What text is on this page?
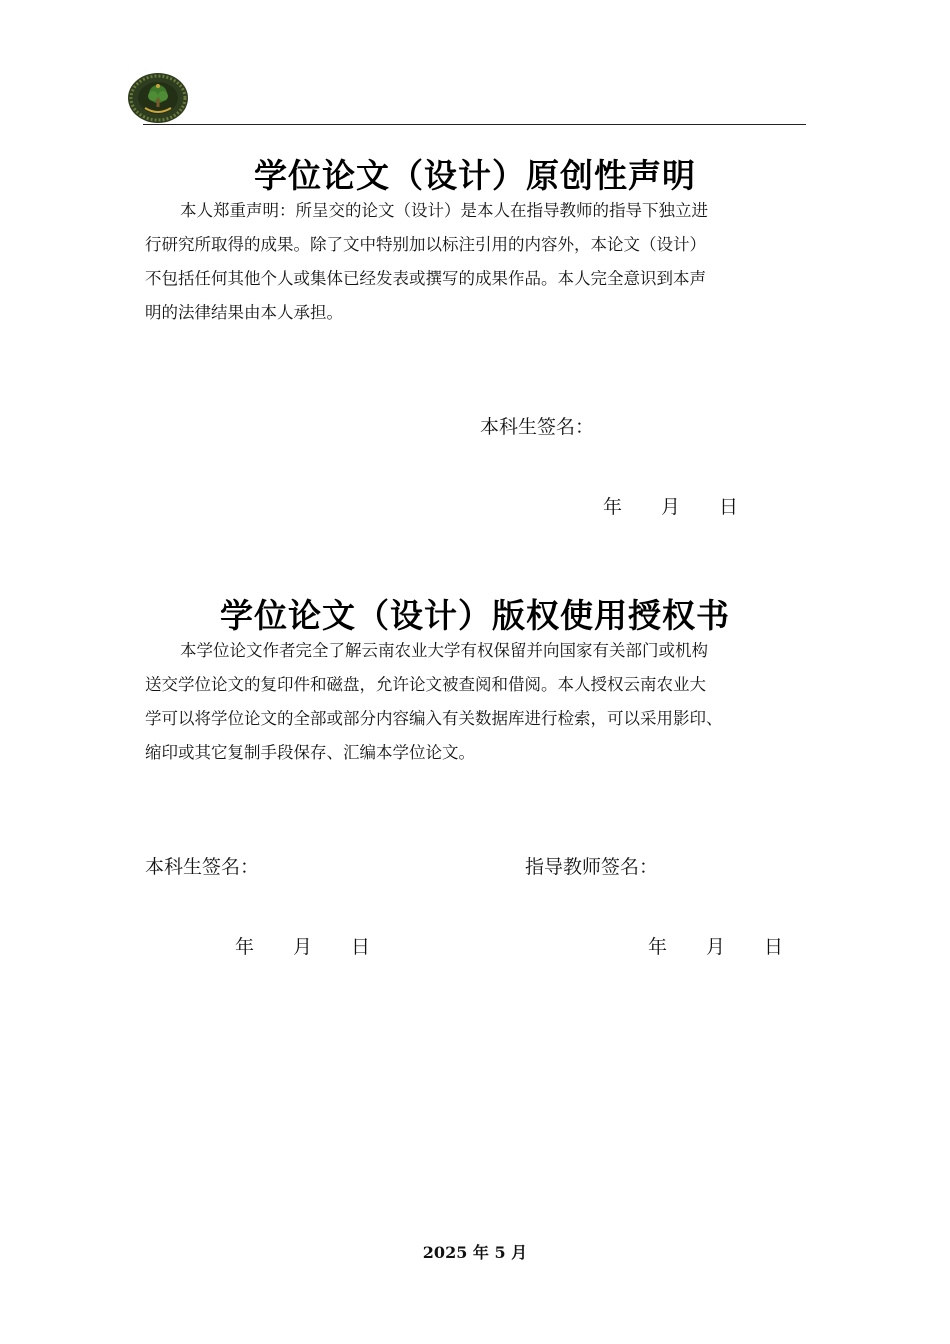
学位论文（设计）原创性声明
本人郑重声明：所呈交的论文（设计）是本人在指导教师的指导下独立进
行研究所取得的成果。除了文中特别加以标注引用的内容外，本论文（设计）
不包括任何其他个人或集体已经发表或撰写的成果作品。本人完全意识到本声
明的法律结果由本人承担。
本科生签名：
年 月 日
学位论文（设计）版权使用授权书
本学位论文作者完全了解云南农业大学有权保留并向国家有关部门或机构
送交学位论文的复印件和磁盘，允许论文被查阅和借阅。本人授权云南农业大
学可以将学位论文的全部或部分内容编入有关数据库进行检索，可以采用影印、
缩印或其它复制手段保存、汇编本学位论文。
本科生签名：	指导教师签名：
年 月 日	年 月 日
2025 年 5 月
